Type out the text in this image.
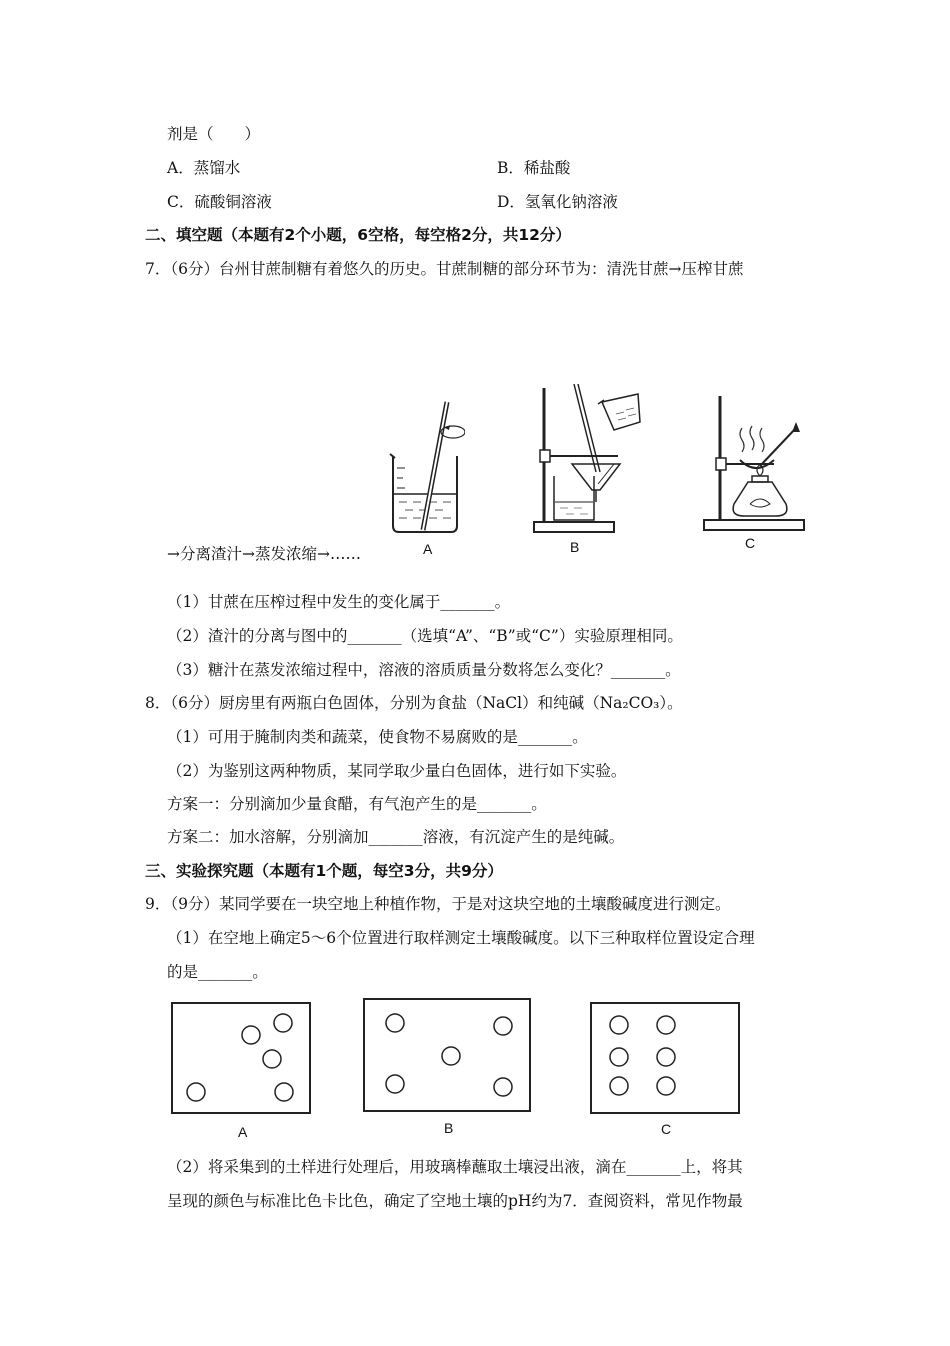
剂是（　　）
A．蒸馏水	B．稀盐酸
C．硫酸铜溶液	D．氢氧化钠溶液
二、填空题（本题有2个小题，6空格，每空格2分，共12分）
7．（6分）台州甘蔗制糖有着悠久的历史。甘蔗制糖的部分环节为：清洗甘蔗→压榨甘蔗
A	B	C
→分离渣汁→蒸发浓缩→……
（1）甘蔗在压榨过程中发生的变化属于_______。
（2）渣汁的分离与图中的_______（选填“A”、“B”或“C”）实验原理相同。
（3）糖汁在蒸发浓缩过程中，溶液的溶质质量分数将怎么变化？_______。
8．（6分）厨房里有两瓶白色固体，分别为食盐（NaCl）和纯碱（Na₂CO₃）。
（1）可用于腌制肉类和蔬菜，使食物不易腐败的是_______。
（2）为鉴别这两种物质，某同学取少量白色固体，进行如下实验。
方案一：分别滴加少量食醋，有气泡产生的是_______。
方案二：加水溶解，分别滴加_______溶液，有沉淀产生的是纯碱。
三、实验探究题（本题有1个题，每空3分，共9分）
9．（9分）某同学要在一块空地上种植作物，于是对这块空地的土壤酸碱度进行测定。
（1）在空地上确定5～6个位置进行取样测定土壤酸碱度。以下三种取样位置设定合理
的是_______。
A	B	C
（2）将采集到的土样进行处理后，用玻璃棒蘸取土壤浸出液，滴在_______上，将其
呈现的颜色与标准比色卡比色，确定了空地土壤的pH约为7．查阅资料，常见作物最
